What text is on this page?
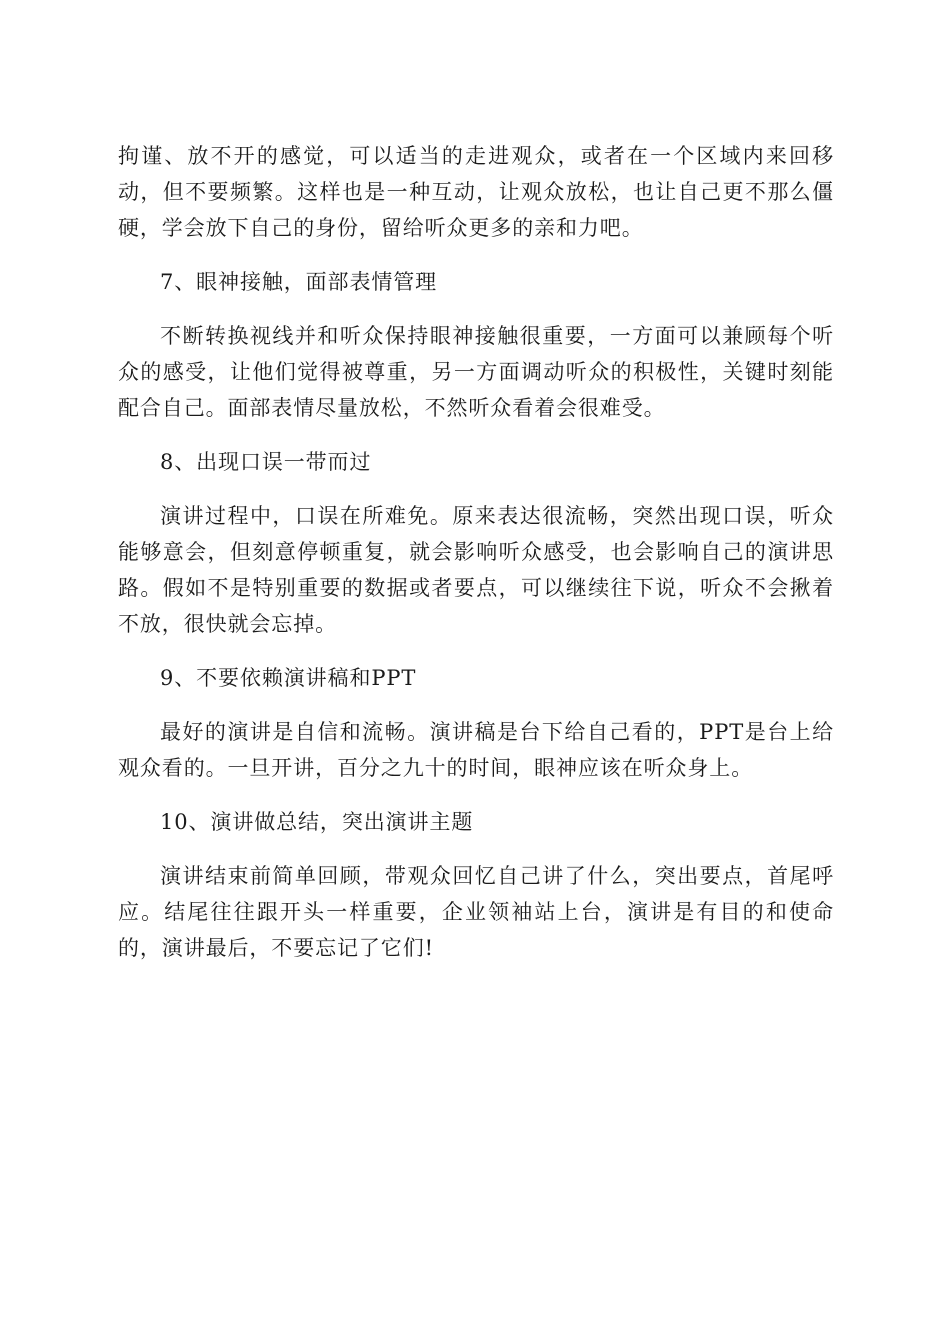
拘谨、放不开的感觉，可以适当的走进观众，或者在一个区域内来回移动，但不要频繁。这样也是一种互动，让观众放松，也让自己更不那么僵硬，学会放下自己的身份，留给听众更多的亲和力吧。

7、眼神接触，面部表情管理

不断转换视线并和听众保持眼神接触很重要，一方面可以兼顾每个听众的感受，让他们觉得被尊重，另一方面调动听众的积极性，关键时刻能配合自己。面部表情尽量放松，不然听众看着会很难受。

8、出现口误一带而过

演讲过程中，口误在所难免。原来表达很流畅，突然出现口误，听众能够意会，但刻意停顿重复，就会影响听众感受，也会影响自己的演讲思路。假如不是特别重要的数据或者要点，可以继续往下说，听众不会揪着不放，很快就会忘掉。

9、不要依赖演讲稿和PPT

最好的演讲是自信和流畅。演讲稿是台下给自己看的，PPT是台上给观众看的。一旦开讲，百分之九十的时间，眼神应该在听众身上。

10、演讲做总结，突出演讲主题

演讲结束前简单回顾，带观众回忆自己讲了什么，突出要点，首尾呼应。结尾往往跟开头一样重要，企业领袖站上台，演讲是有目的和使命的，演讲最后，不要忘记了它们!
